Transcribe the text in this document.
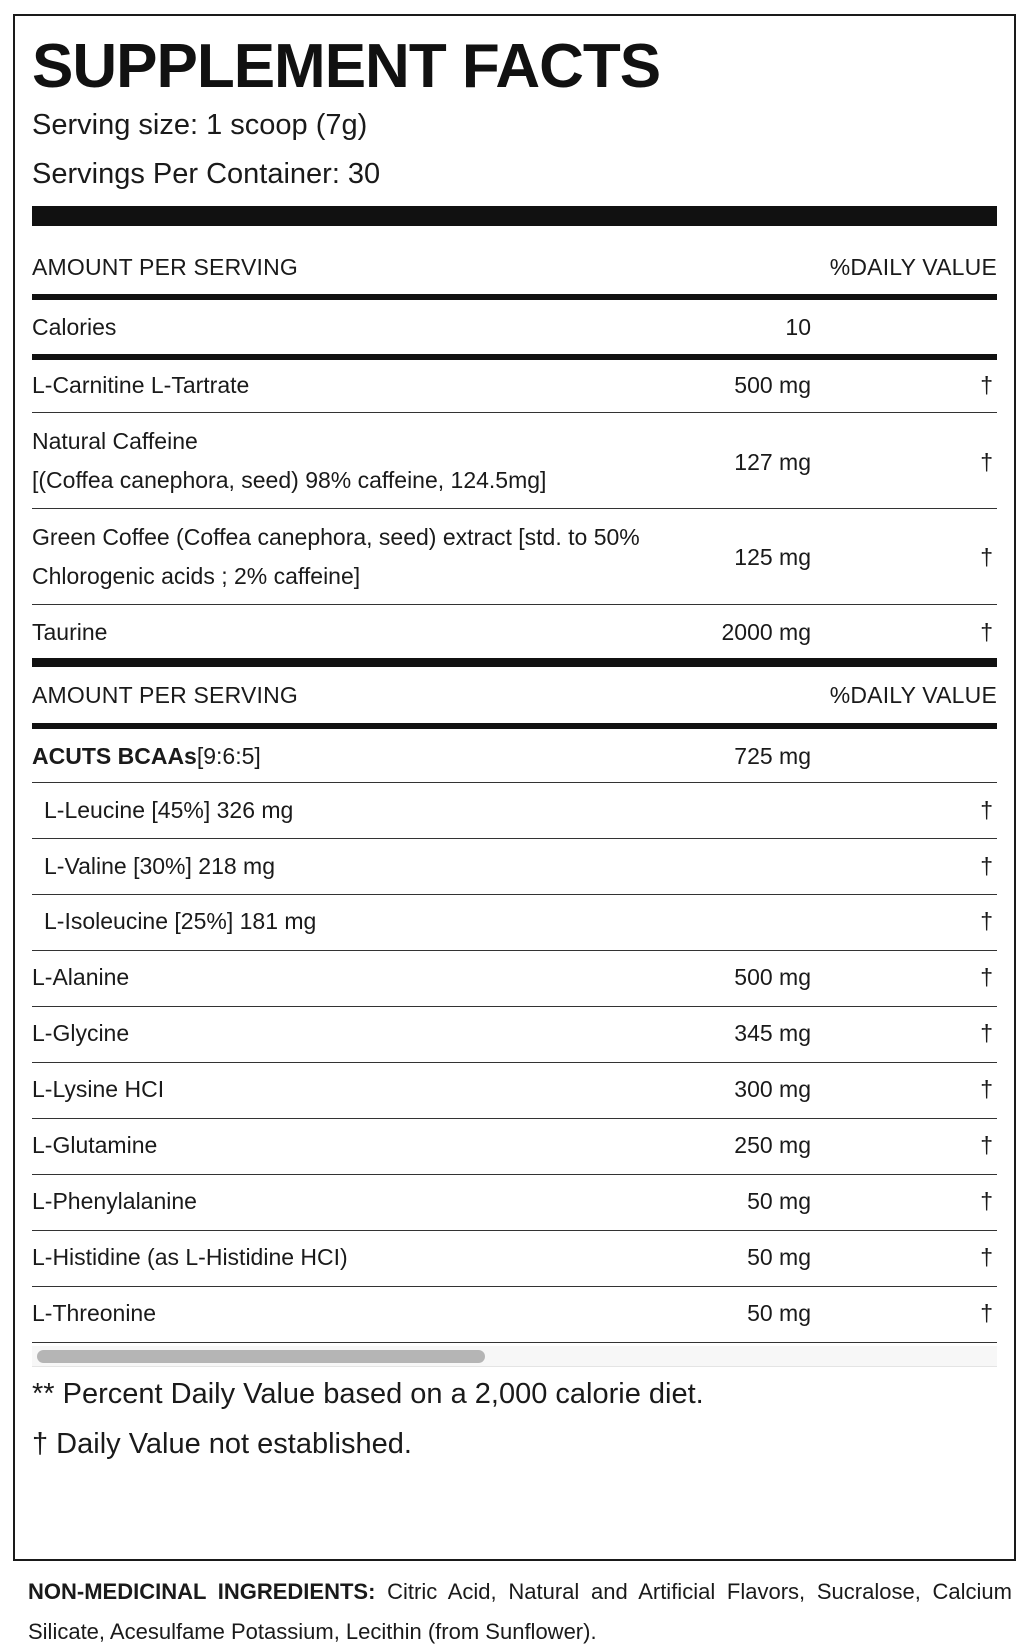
SUPPLEMENT FACTS
Serving size: 1 scoop (7g)
Servings Per Container: 30
AMOUNT PER SERVING	%DAILY VALUE
Calories	10
L-Carnitine L-Tartrate	500 mg	†
Natural Caffeine
[(Coffea canephora, seed) 98% caffeine, 124.5mg]
127 mg	†
Green Coffee (Coffea canephora, seed) extract [std. to 50%
Chlorogenic acids ; 2% caffeine]
125 mg	†
Taurine	2000 mg	†
AMOUNT PER SERVING	%DAILY VALUE
ACUTS BCAAs[9:6:5]	725 mg
L-Leucine [45%] 326 mg	†
L-Valine [30%] 218 mg	†
L-Isoleucine [25%] 181 mg	†
L-Alanine	500 mg	†
L-Glycine	345 mg	†
L-Lysine HCI	300 mg	†
L-Glutamine	250 mg	†
L-Phenylalanine	50 mg	†
L-Histidine (as L-Histidine HCI)	50 mg	†
L-Threonine	50 mg	†
** Percent Daily Value based on a 2,000 calorie diet.
† Daily Value not established.
NON-MEDICINAL INGREDIENTS: Citric Acid, Natural and Artificial Flavors, Sucralose, Calcium Silicate, Acesulfame Potassium, Lecithin (from Sunflower).
